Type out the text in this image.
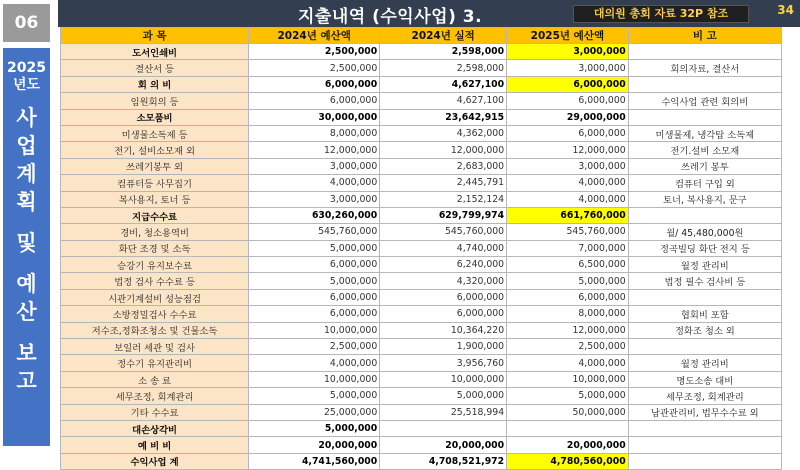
06
2025
년도
사
업
계
획
및
예
산
보
고
지출내역 (수익사업) 3.	대의원 총회 자료 32P 참조	34
과 목	2024년 예산액	2024년 실적	2025년 예산액	비 고
도서인쇄비	2,500,000	2,598,000	3,000,000	
결산서 등	2,500,000	2,598,000	3,000,000	회의자료, 결산서
회 의 비	6,000,000	4,627,100	6,000,000	
임원회의 등	6,000,000	4,627,100	6,000,000	수익사업 관련 회의비
소모품비	30,000,000	23,642,915	29,000,000	
미생물소독제 등	8,000,000	4,362,000	6,000,000	미생물제, 냉각탑 소독제
전기, 설비소모재 외	12,000,000	12,000,000	12,000,000	전기.설비 소모재
쓰레기봉투 외	3,000,000	2,683,000	3,000,000	쓰레기 봉투
컴퓨터등 사무집기	4,000,000	2,445,791	4,000,000	컴퓨터 구입 외
복사용지, 토너 등	3,000,000	2,152,124	4,000,000	토너, 복사용지, 문구
지급수수료	630,260,000	629,799,974	661,760,000	
경비, 청소용역비	545,760,000	545,760,000	545,760,000	월/ 45,480,000원
화단 조경 및 소독	5,000,000	4,740,000	7,000,000	정곡빌딩 화단 전지 등
승강기 유지보수료	6,000,000	6,240,000	6,500,000	월정 관리비
법정 검사 수수료 등	5,000,000	4,320,000	5,000,000	법정 필수 검사비 등
시관기계설비 성능점검	6,000,000	6,000,000	6,000,000	
소방정밀검사 수수료	6,000,000	6,000,000	8,000,000	협회비 포함
저수조,정화조청소 및 건물소독	10,000,000	10,364,220	12,000,000	정화조 청소 외
보일러 세관 및 검사	2,500,000	1,900,000	2,500,000	
정수기 유지관리비	4,000,000	3,956,760	4,000,000	월정 관리비
소 송 료	10,000,000	10,000,000	10,000,000	명도소송 대비
세무조정, 회계관리	5,000,000	5,000,000	5,000,000	세무조정, 회계관리
기타 수수료	25,000,000	25,518,994	50,000,000	남관관리비, 법무수수료 외
대손상각비	5,000,000			
예 비 비	20,000,000	20,000,000	20,000,000	
수익사업 계	4,741,560,000	4,708,521,972	4,780,560,000	
